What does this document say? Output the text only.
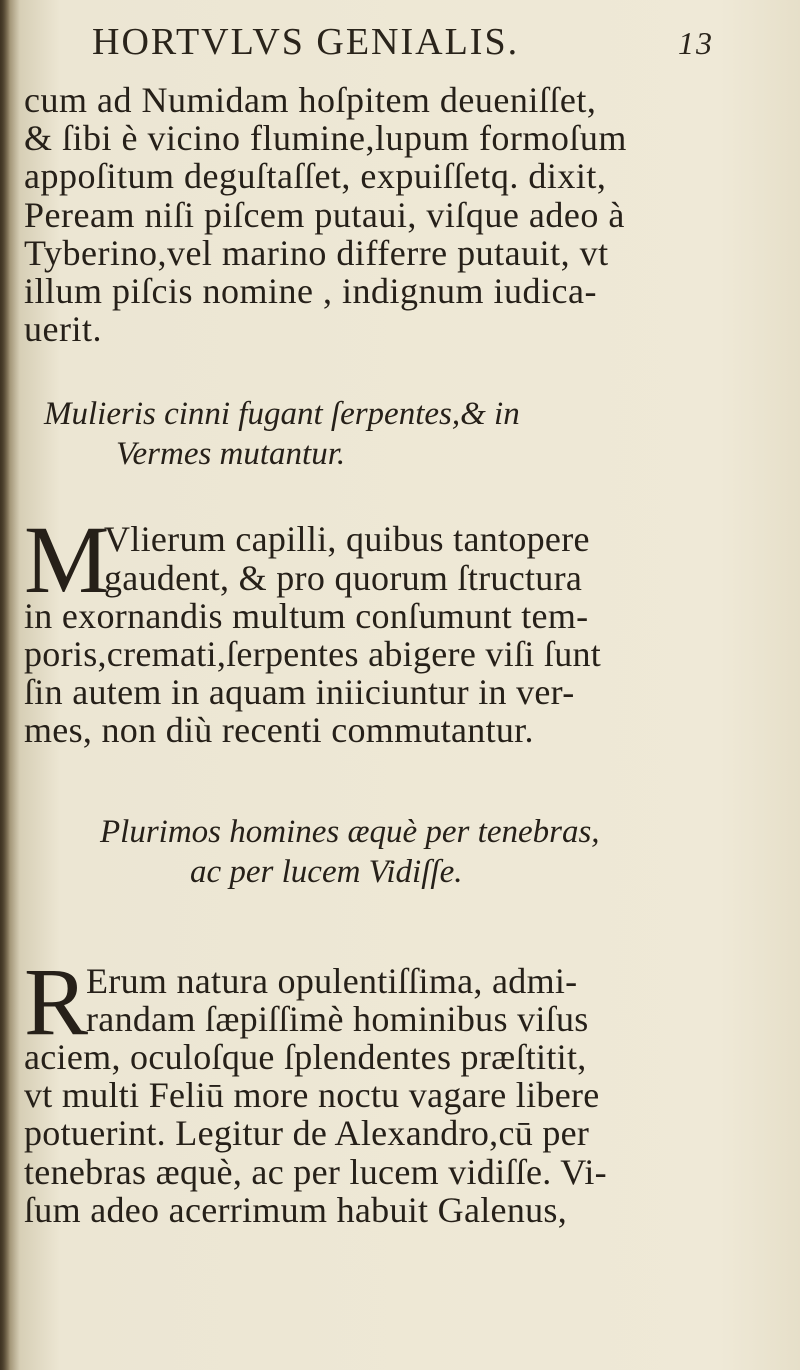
HORTVLVS GENIALIS.	13
cum ad Numidam hoſpitem deueniſſet,
& ſibi è vicino flumine,lupum formoſum
appoſitum deguſtaſſet, expuiſſetq. dixit,
Peream niſi piſcem putaui, viſque adeo à
Tyberino,vel marino differre putauit, vt
illum piſcis nomine , indignum iudica-
uerit.
Mulieris cinni fugant ſerpentes,& in
Vermes mutantur.
M
Vlierum capilli, quibus tantopere
gaudent, & pro quorum ſtructura
in exornandis multum conſumunt tem-
poris,cremati,ſerpentes abigere viſi ſunt
ſin autem in aquam iniiciuntur in ver-
mes, non diù recenti commutantur.
Plurimos homines æquè per tenebras,
ac per lucem Vidiſſe.
R
Erum natura opulentiſſima, admi-
randam ſæpiſſimè hominibus viſus
aciem, oculoſque ſplendentes præſtitit,
vt multi Feliū more noctu vagare libere
potuerint. Legitur de Alexandro,cū per
tenebras æquè, ac per lucem vidiſſe. Vi-
ſum adeo acerrimum habuit Galenus,
